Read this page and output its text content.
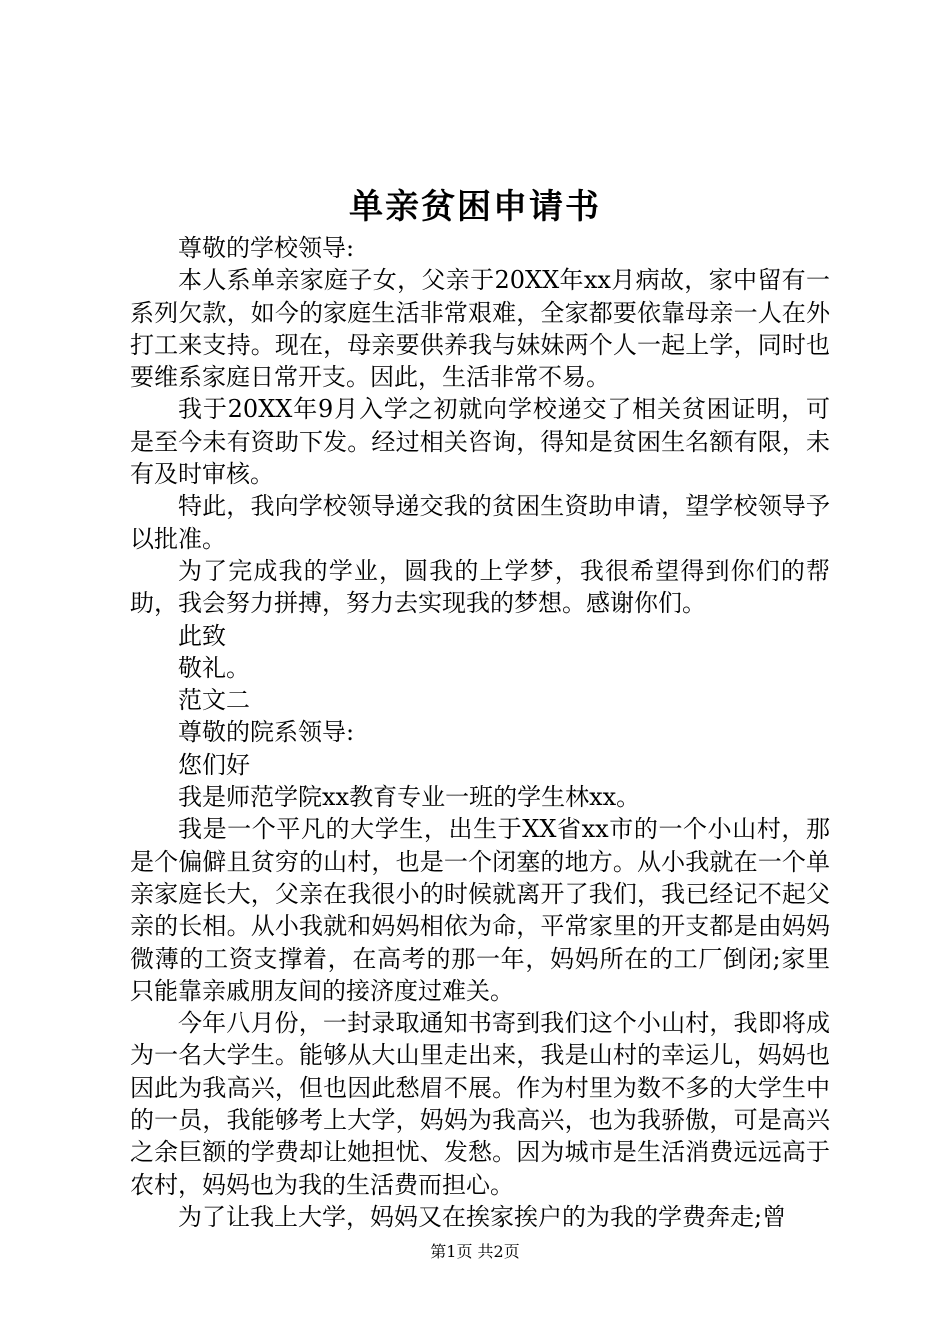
单亲贫困申请书

尊敬的学校领导:

本人系单亲家庭子女，父亲于20XX年xx月病故，家中留有一系列欠款，如今的家庭生活非常艰难，全家都要依靠母亲一人在外打工来支持。现在，母亲要供养我与妹妹两个人一起上学，同时也要维系家庭日常开支。因此，生活非常不易。

我于20XX年9月入学之初就向学校递交了相关贫困证明，可是至今未有资助下发。经过相关咨询，得知是贫困生名额有限，未有及时审核。

特此，我向学校领导递交我的贫困生资助申请，望学校领导予以批准。

为了完成我的学业，圆我的上学梦，我很希望得到你们的帮助，我会努力拼搏，努力去实现我的梦想。感谢你们。

此致

敬礼。

范文二

尊敬的院系领导:

您们好

我是师范学院xx教育专业一班的学生林xx。

我是一个平凡的大学生，出生于XX省xx市的一个小山村，那是个偏僻且贫穷的山村，也是一个闭塞的地方。从小我就在一个单亲家庭长大，父亲在我很小的时候就离开了我们，我已经记不起父亲的长相。从小我就和妈妈相依为命，平常家里的开支都是由妈妈微薄的工资支撑着，在高考的那一年，妈妈所在的工厂倒闭;家里只能靠亲戚朋友间的接济度过难关。

今年八月份，一封录取通知书寄到我们这个小山村，我即将成为一名大学生。能够从大山里走出来，我是山村的幸运儿，妈妈也因此为我高兴，但也因此愁眉不展。作为村里为数不多的大学生中的一员，我能够考上大学，妈妈为我高兴，也为我骄傲，可是高兴之余巨额的学费却让她担忧、发愁。因为城市是生活消费远远高于农村，妈妈也为我的生活费而担心。

为了让我上大学，妈妈又在挨家挨户的为我的学费奔走;曾

第1页 共2页
